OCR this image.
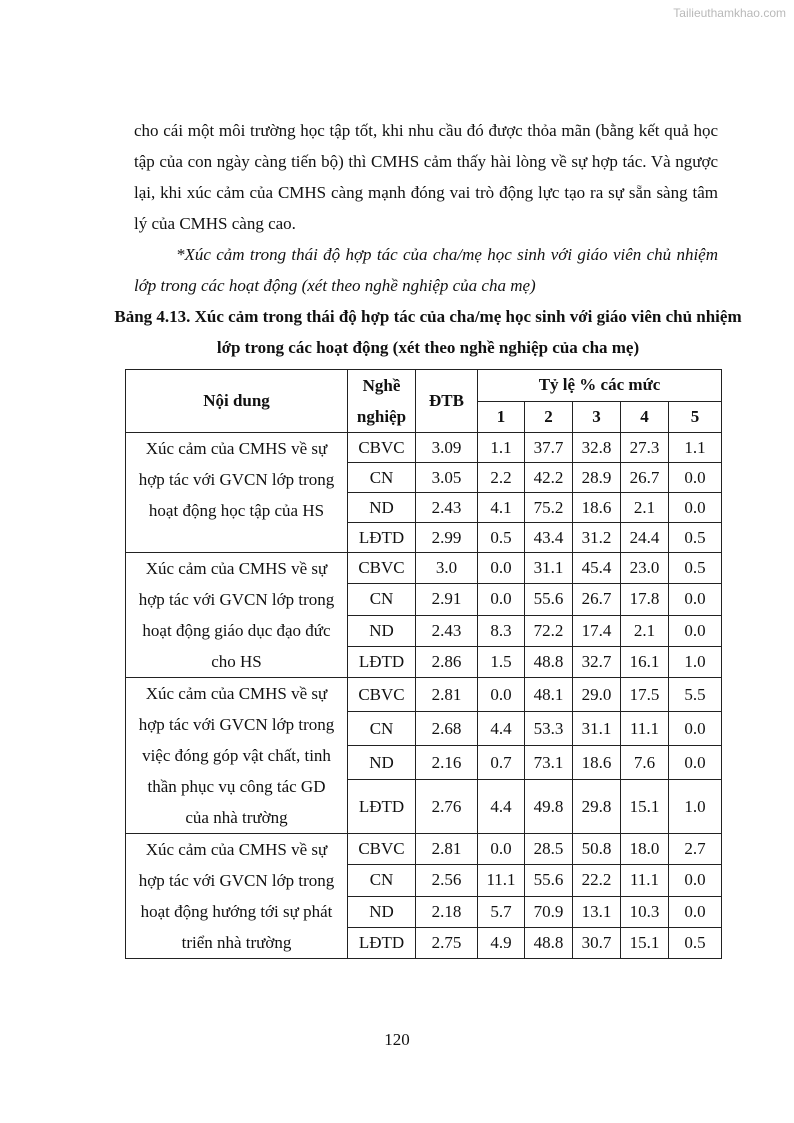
Tailieuthamkhao.com

cho cái một môi trường học tập tốt, khi nhu cầu đó được thỏa mãn (bằng kết quả học tập của con ngày càng tiến bộ) thì CMHS cảm thấy hài lòng về sự hợp tác. Và ngược lại, khi xúc cảm của CMHS càng mạnh đóng vai trò động lực tạo ra sự sẵn sàng tâm lý của CMHS càng cao.

*Xúc cảm trong thái độ hợp tác của cha/mẹ học sinh với giáo viên chủ nhiệm lớp trong các hoạt động (xét theo nghề nghiệp của cha mẹ)

Bảng 4.13. Xúc cảm trong thái độ hợp tác của cha/mẹ học sinh với giáo viên chủ nhiệm lớp trong các hoạt động (xét theo nghề nghiệp của cha mẹ)

Nội dung	Nghề nghiệp	ĐTB	Tỷ lệ % các mức				
			1	2	3	4	5

Xúc cảm của CMHS về sự
hợp tác với GVCN lớp trong
hoạt động học tập của HS	CBVC	3.09	1.1	37.7	32.8	27.3	1.1
	CN	3.05	2.2	42.2	28.9	26.7	0.0
	ND	2.43	4.1	75.2	18.6	2.1	0.0
	LĐTD	2.99	0.5	43.4	31.2	24.4	0.5

Xúc cảm của CMHS về sự
hợp tác với GVCN lớp trong
hoạt động giáo dục đạo đức
cho HS	CBVC	3.0	0.0	31.1	45.4	23.0	0.5
	CN	2.91	0.0	55.6	26.7	17.8	0.0
	ND	2.43	8.3	72.2	17.4	2.1	0.0
	LĐTD	2.86	1.5	48.8	32.7	16.1	1.0

Xúc cảm của CMHS về sự
hợp tác với GVCN lớp trong
việc đóng góp vật chất, tinh
thần phục vụ công tác GD
của nhà trường	CBVC	2.81	0.0	48.1	29.0	17.5	5.5
	CN	2.68	4.4	53.3	31.1	11.1	0.0
	ND	2.16	0.7	73.1	18.6	7.6	0.0
	LĐTD	2.76	4.4	49.8	29.8	15.1	1.0

Xúc cảm của CMHS về sự
hợp tác với GVCN lớp trong
hoạt động hướng tới sự phát
triển nhà trường	CBVC	2.81	0.0	28.5	50.8	18.0	2.7
	CN	2.56	11.1	55.6	22.2	11.1	0.0
	ND	2.18	5.7	70.9	13.1	10.3	0.0
	LĐTD	2.75	4.9	48.8	30.7	15.1	0.5
120
